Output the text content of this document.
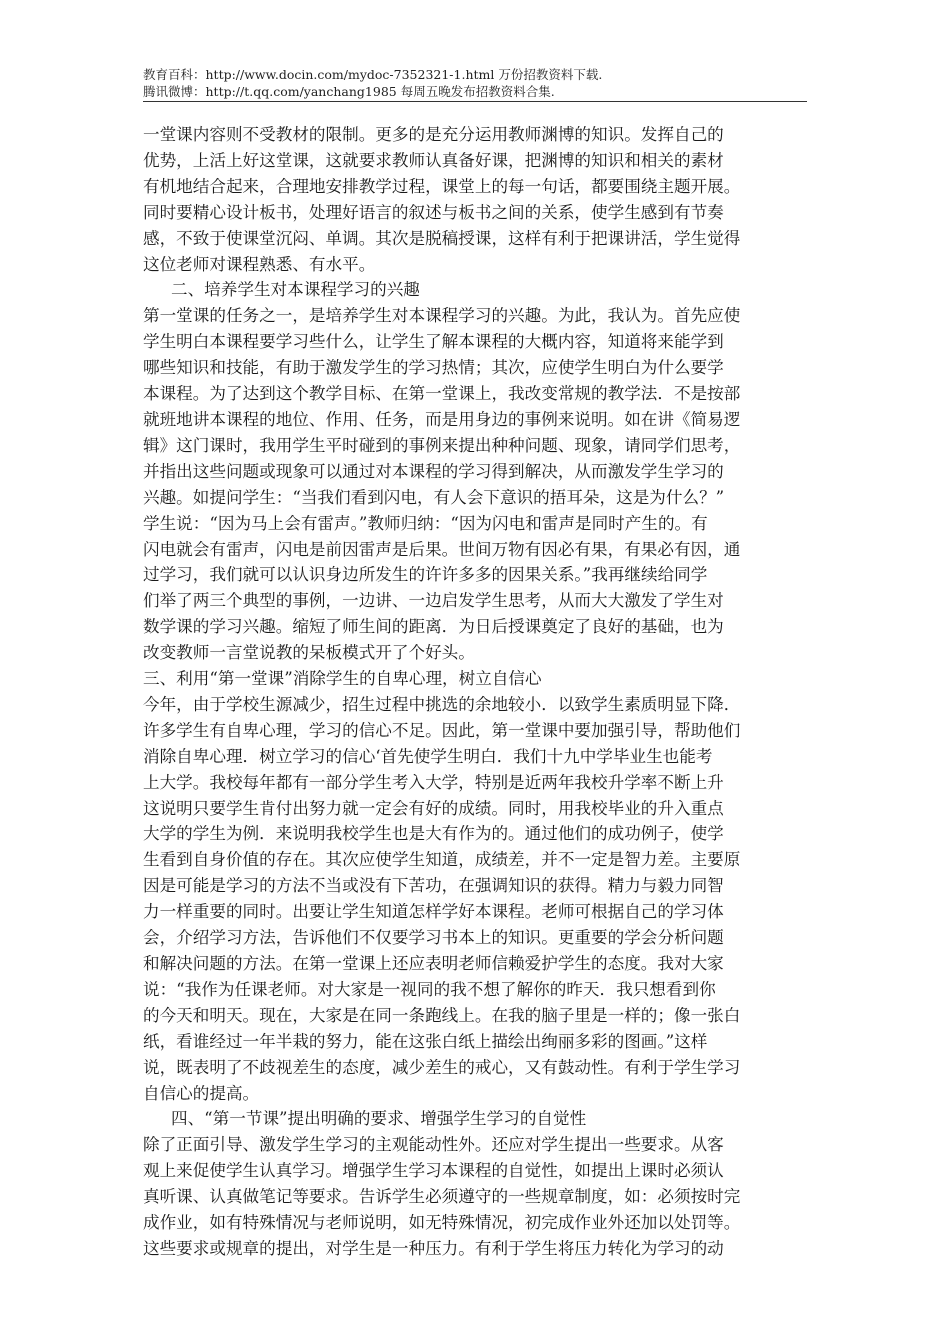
教育百科：http://www.docin.com/mydoc-7352321-1.html 万份招教资料下载.
腾讯微博：http://t.qq.com/yanchang1985 每周五晚发布招教资料合集.

一堂课内容则不受教材的限制。更多的是充分运用教师渊博的知识。发挥自己的

优势，上活上好这堂课，这就要求教师认真备好课，把渊博的知识和相关的素材

有机地结合起来，合理地安排教学过程，课堂上的每一句话，都要围绕主题开展。

同时要精心设计板书，处理好语言的叙述与板书之间的关系，使学生感到有节奏

感，不致于使课堂沉闷、单调。其次是脱稿授课，这样有利于把课讲活，学生觉得

这位老师对课程熟悉、有水平。

二、培养学生对本课程学习的兴趣

第一堂课的任务之一，是培养学生对本课程学习的兴趣。为此，我认为。首先应使

学生明白本课程要学习些什么，让学生了解本课程的大概内容，知道将来能学到

哪些知识和技能，有助于激发学生的学习热情；其次，应使学生明白为什么要学

本课程。为了达到这个教学目标、在第一堂课上，我改变常规的教学法．不是按部

就班地讲本课程的地位、作用、任务，而是用身边的事例来说明。如在讲《简易逻

辑》这门课时，我用学生平时碰到的事例来提出种种问题、现象，请同学们思考，

并指出这些问题或现象可以通过对本课程的学习得到解决，从而激发学生学习的

兴趣。如提问学生：“当我们看到闪电，有人会下意识的捂耳朵，这是为什么？”

学生说：“因为马上会有雷声。”教师归纳：“因为闪电和雷声是同时产生的。有

闪电就会有雷声，闪电是前因雷声是后果。世间万物有因必有果，有果必有因，通

过学习，我们就可以认识身边所发生的许许多多的因果关系。”我再继续给同学

们举了两三个典型的事例，一边讲、一边启发学生思考，从而大大激发了学生对

数学课的学习兴趣。缩短了师生间的距离．为日后授课奠定了良好的基础，也为

改变教师一言堂说教的呆板模式开了个好头。

三、利用“第一堂课”消除学生的自卑心理，树立自信心

今年，由于学校生源减少，招生过程中挑选的余地较小．以致学生素质明显下降．

许多学生有自卑心理，学习的信心不足。因此，第一堂课中要加强引导，帮助他们

消除自卑心理．树立学习的信心‘首先使学生明白．我们十九中学毕业生也能考

上大学。我校每年都有一部分学生考入大学，特别是近两年我校升学率不断上升

这说明只要学生肯付出努力就一定会有好的成绩。同时，用我校毕业的升入重点

大学的学生为例．来说明我校学生也是大有作为的。通过他们的成功例子，使学

生看到自身价值的存在。其次应使学生知道，成绩差，并不一定是智力差。主要原

因是可能是学习的方法不当或没有下苦功，在强调知识的获得。精力与毅力同智

力一样重要的同时。出要让学生知道怎样学好本课程。老师可根据自己的学习体

会，介绍学习方法，告诉他们不仅要学习书本上的知识。更重要的学会分析问题

和解决问题的方法。在第一堂课上还应表明老师信赖爱护学生的态度。我对大家

说：“我作为任课老师。对大家是一视同的我不想了解你的昨天．我只想看到你

的今天和明天。现在，大家是在同一条跑线上。在我的脑子里是一样的；像一张白

纸，看谁经过一年半栽的努力，能在这张白纸上描绘出绚丽多彩的图画。”这样

说，既表明了不歧视差生的态度，减少差生的戒心，又有鼓动性。有利于学生学习

自信心的提高。

四、“第一节课”提出明确的要求、增强学生学习的自觉性

除了正面引导、激发学生学习的主观能动性外。还应对学生提出一些要求。从客

观上来促使学生认真学习。增强学生学习本课程的自觉性，如提出上课时必须认

真听课、认真做笔记等要求。告诉学生必须遵守的一些规章制度，如：必须按时完

成作业，如有特殊情况与老师说明，如无特殊情况，初完成作业外还加以处罚等。

这些要求或规章的提出，对学生是一种压力。有利于学生将压力转化为学习的动
